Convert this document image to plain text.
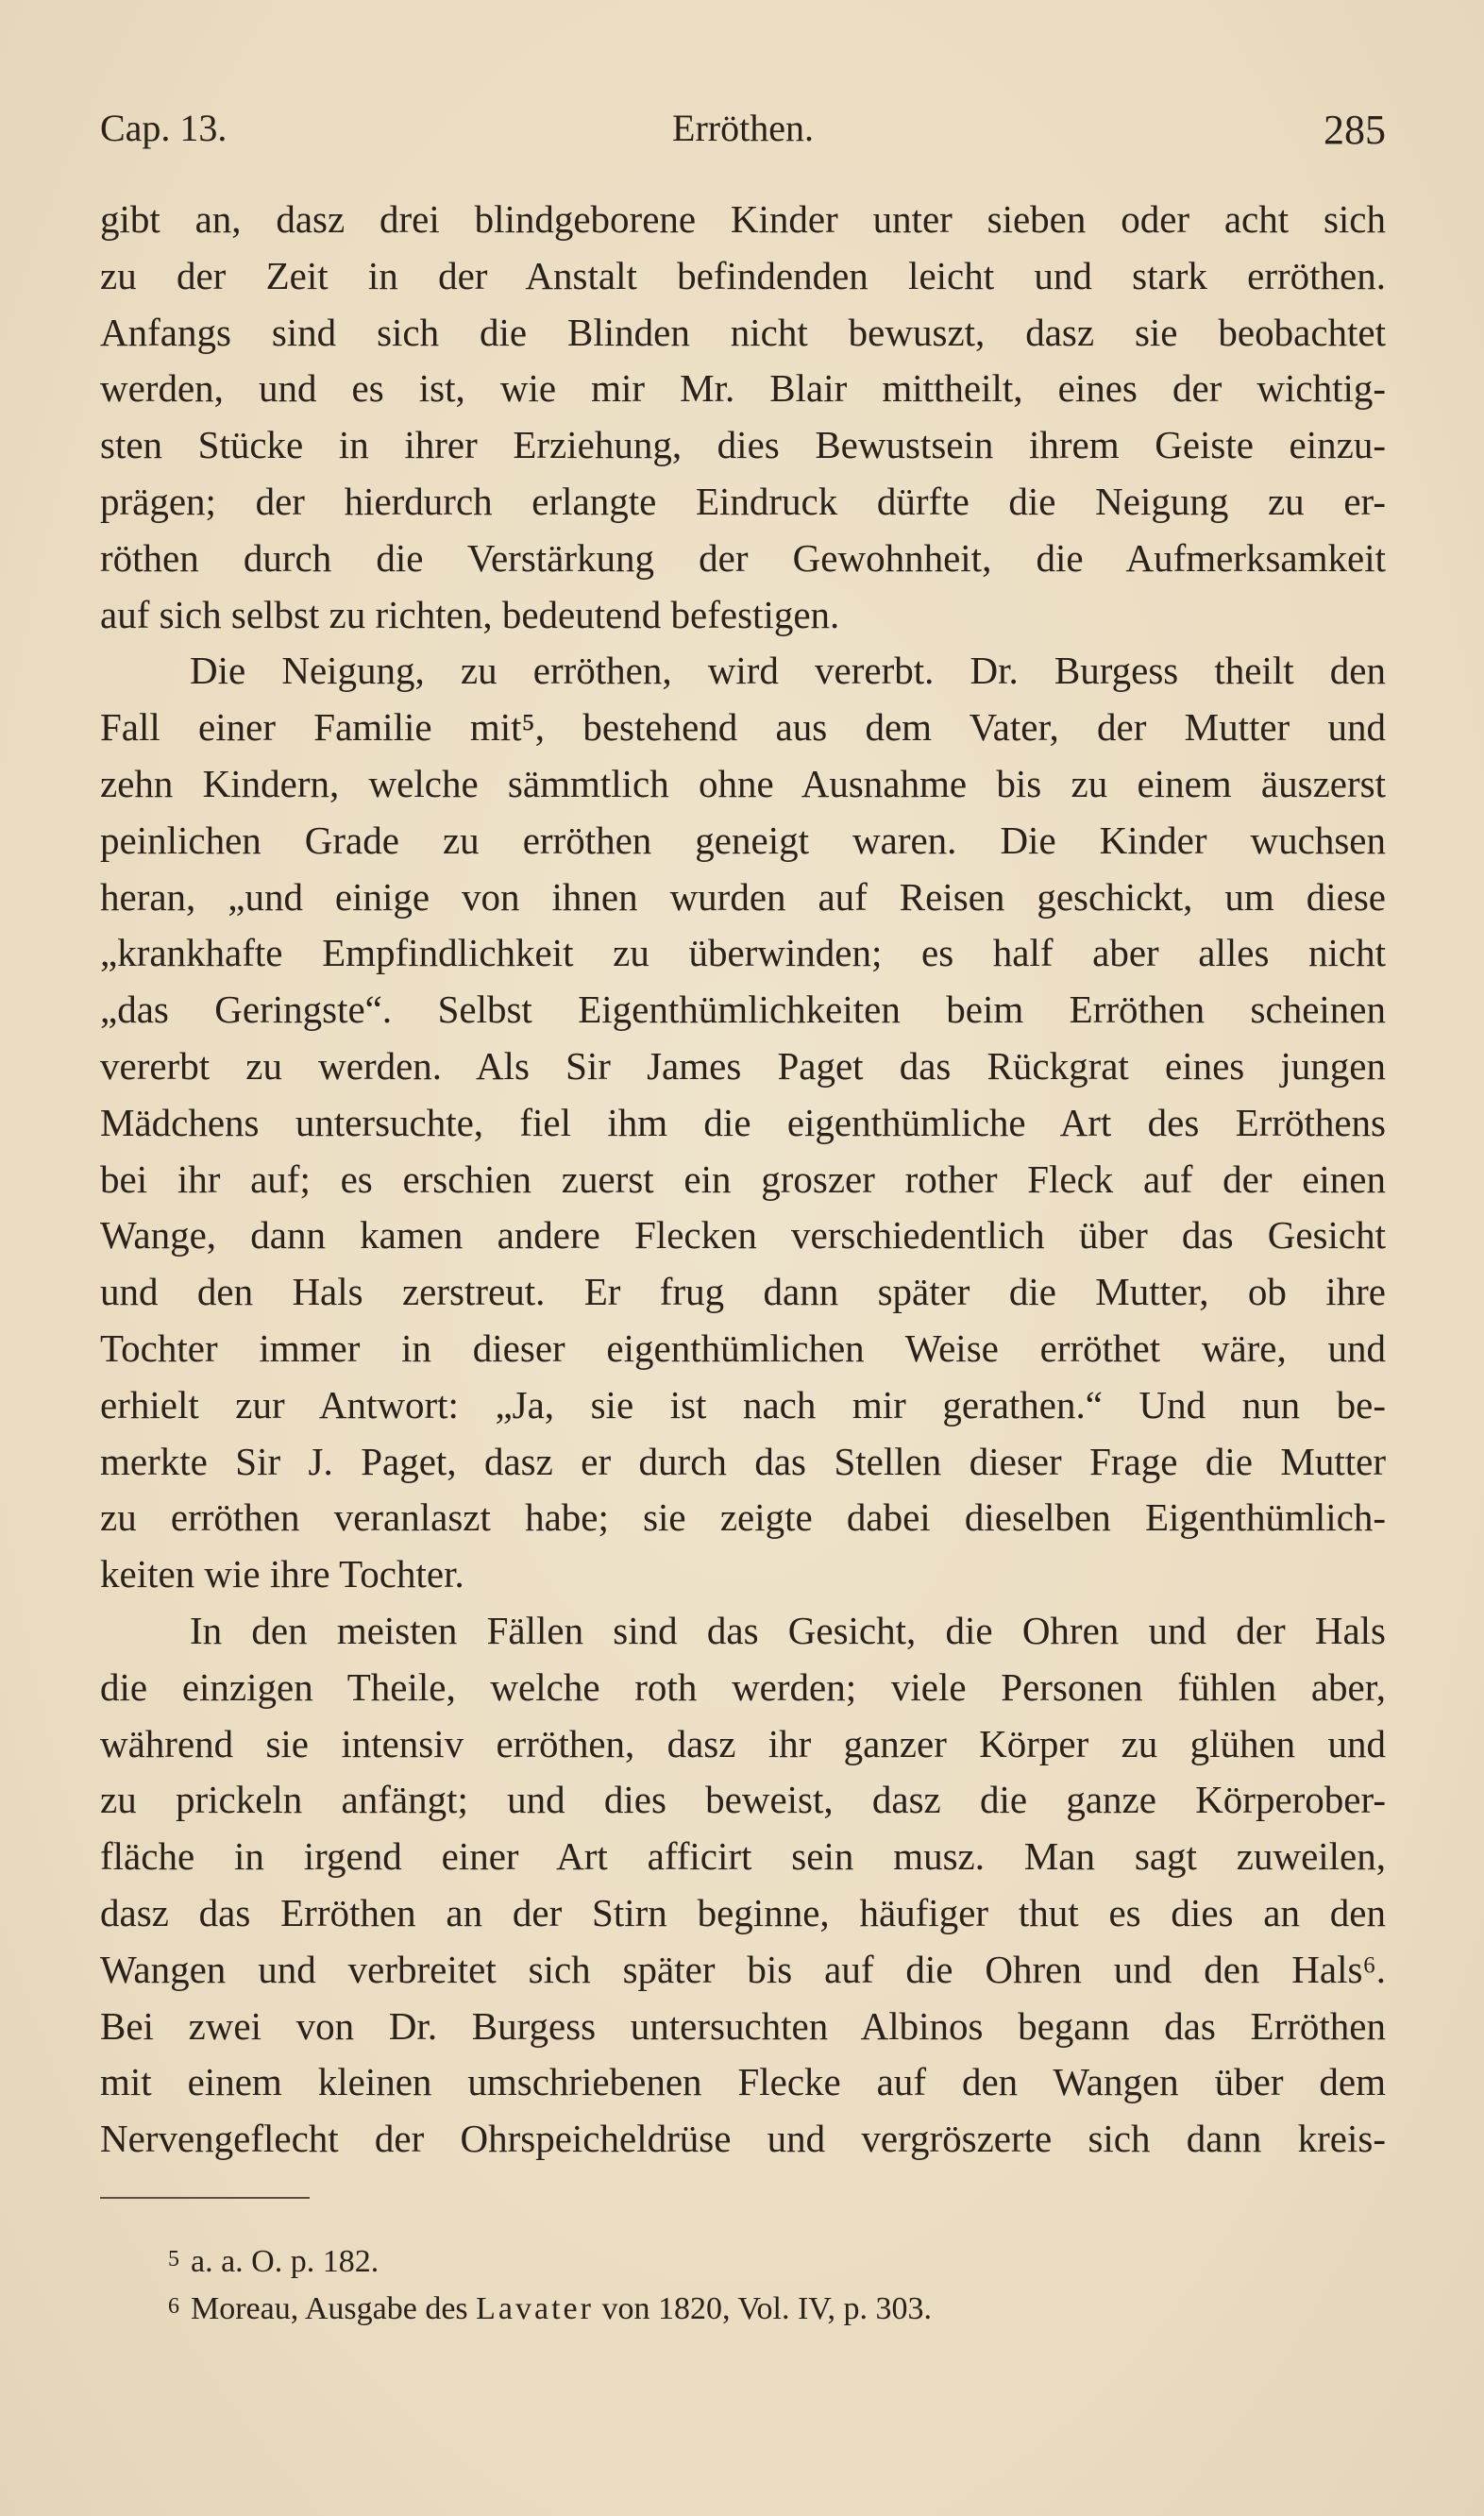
Cap. 13.	Erröthen.	285
gibt an, dasz drei blindgeborene Kinder unter sieben oder acht sich
zu der Zeit in der Anstalt befindenden leicht und stark erröthen.
Anfangs sind sich die Blinden nicht bewuszt, dasz sie beobachtet
werden, und es ist, wie mir Mr. Blair mittheilt, eines der wichtig-
sten Stücke in ihrer Erziehung, dies Bewustsein ihrem Geiste einzu-
prägen; der hierdurch erlangte Eindruck dürfte die Neigung zu er-
röthen durch die Verstärkung der Gewohnheit, die Aufmerksamkeit
auf sich selbst zu richten, bedeutend befestigen.
Die Neigung, zu erröthen, wird vererbt. Dr. Burgess theilt den
Fall einer Familie mit⁵, bestehend aus dem Vater, der Mutter und
zehn Kindern, welche sämmtlich ohne Ausnahme bis zu einem äuszerst
peinlichen Grade zu erröthen geneigt waren. Die Kinder wuchsen
heran, „und einige von ihnen wurden auf Reisen geschickt, um diese
„krankhafte Empfindlichkeit zu überwinden; es half aber alles nicht
„das Geringste“. Selbst Eigenthümlichkeiten beim Erröthen scheinen
vererbt zu werden. Als Sir James Paget das Rückgrat eines jungen
Mädchens untersuchte, fiel ihm die eigenthümliche Art des Erröthens
bei ihr auf; es erschien zuerst ein groszer rother Fleck auf der einen
Wange, dann kamen andere Flecken verschiedentlich über das Gesicht
und den Hals zerstreut. Er frug dann später die Mutter, ob ihre
Tochter immer in dieser eigenthümlichen Weise erröthet wäre, und
erhielt zur Antwort: „Ja, sie ist nach mir gerathen.“ Und nun be-
merkte Sir J. Paget, dasz er durch das Stellen dieser Frage die Mutter
zu erröthen veranlaszt habe; sie zeigte dabei dieselben Eigenthümlich-
keiten wie ihre Tochter.
In den meisten Fällen sind das Gesicht, die Ohren und der Hals
die einzigen Theile, welche roth werden; viele Personen fühlen aber,
während sie intensiv erröthen, dasz ihr ganzer Körper zu glühen und
zu prickeln anfängt; und dies beweist, dasz die ganze Körperober-
fläche in irgend einer Art afficirt sein musz. Man sagt zuweilen,
dasz das Erröthen an der Stirn beginne, häufiger thut es dies an den
Wangen und verbreitet sich später bis auf die Ohren und den Hals⁶.
Bei zwei von Dr. Burgess untersuchten Albinos begann das Erröthen
mit einem kleinen umschriebenen Flecke auf den Wangen über dem
Nervengeflecht der Ohrspeicheldrüse und vergröszerte sich dann kreis-
5 a. a. O. p. 182.
6 Moreau, Ausgabe des Lavater von 1820, Vol. IV, p. 303.
